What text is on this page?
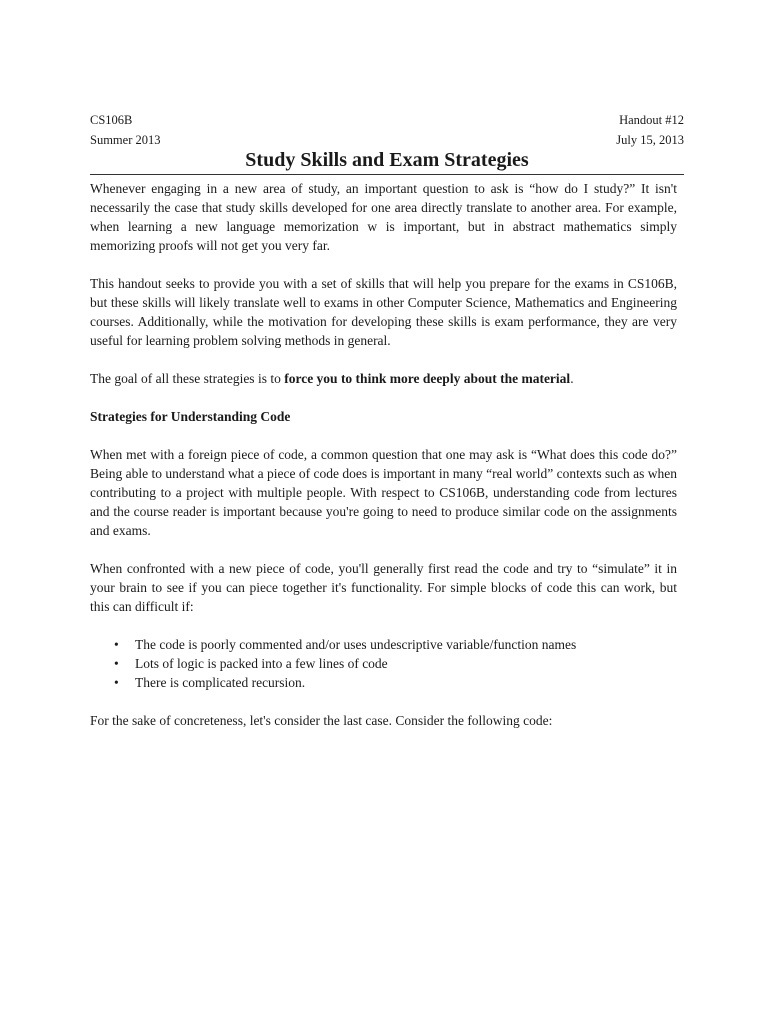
CS106B	Handout #12
Summer 2013	July 15, 2013
Study Skills and Exam Strategies

Whenever engaging in a new area of study, an important question to ask is “how do I study?” It isn't necessarily the case that study skills developed for one area directly translate to another area. For example, when learning a new language memorization w is important, but in abstract mathematics simply memorizing proofs will not get you very far.

This handout seeks to provide you with a set of skills that will help you prepare for the exams in CS106B, but these skills will likely translate well to exams in other Computer Science, Mathematics and Engineering courses. Additionally, while the motivation for developing these skills is exam performance, they are very useful for learning problem solving methods in general.

The goal of all these strategies is to force you to think more deeply about the material.

Strategies for Understanding Code

When met with a foreign piece of code, a common question that one may ask is “What does this code do?” Being able to understand what a piece of code does is important in many “real world” contexts such as when contributing to a project with multiple people. With respect to CS106B, understanding code from lectures and the course reader is important because you're going to need to produce similar code on the assignments and exams.

When confronted with a new piece of code, you'll generally first read the code and try to “simulate” it in your brain to see if you can piece together it's functionality. For simple blocks of code this can work, but this can difficult if:

• The code is poorly commented and/or uses undescriptive variable/function names
• Lots of logic is packed into a few lines of code
• There is complicated recursion.

For the sake of concreteness, let's consider the last case. Consider the following code:
